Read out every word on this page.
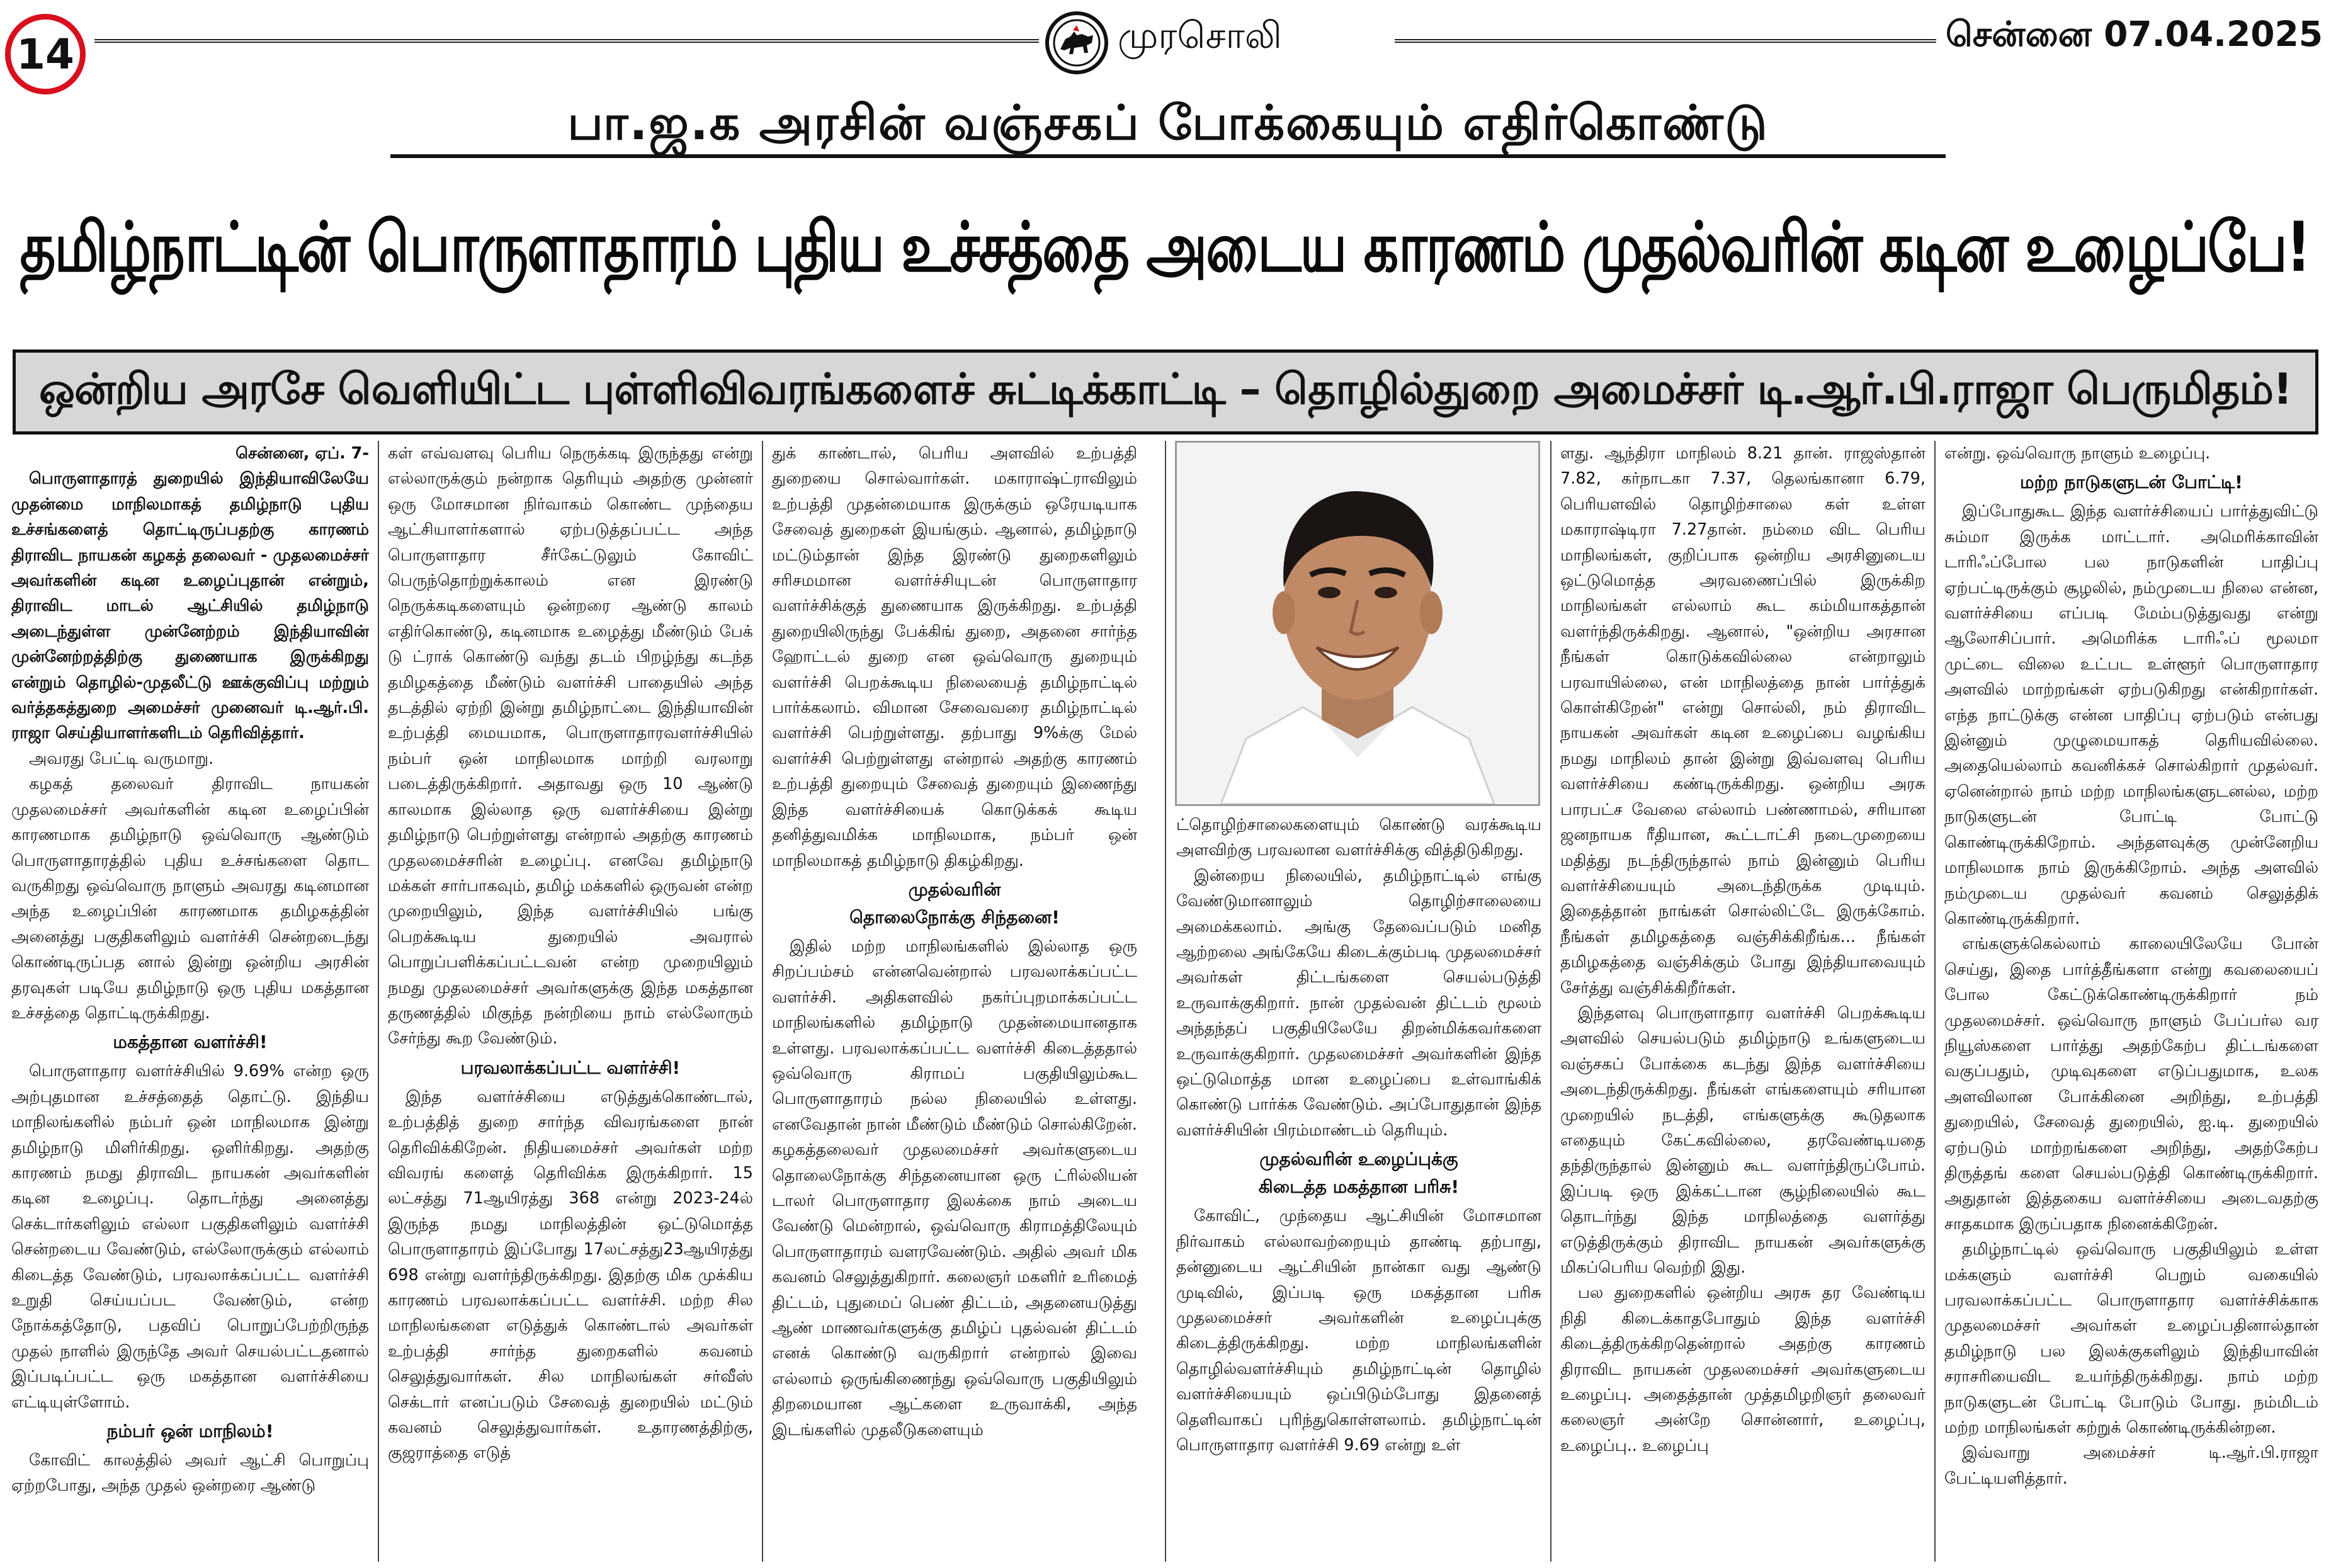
14	முரசொலி	சென்னை 07.04.2025
பா.ஜ.க அரசின் வஞ்சகப் போக்கையும் எதிர்கொண்டு
தமிழ்நாட்டின் பொருளாதாரம் புதிய உச்சத்தை அடைய காரணம் முதல்வரின் கடின உழைப்பே!
ஒன்றிய அரசே வெளியிட்ட புள்ளிவிவரங்களைச் சுட்டிக்காட்டி – தொழில்துறை அமைச்சர் டி.ஆர்.பி.ராஜா பெருமிதம்!

சென்னை, ஏப். 7-

பொருளாதாரத் துறையில் இந்தியாவிலேயே முதன்மை மாநிலமாகத் தமிழ்நாடு புதிய உச்சங்களைத் தொட்டிருப்பதற்கு காரணம் திராவிட நாயகன் கழகத் தலைவர் - முதலமைச்சர் அவர்களின் கடின உழைப்புதான் என்றும், திராவிட மாடல் ஆட்சியில் தமிழ்நாடு அடைந்துள்ள முன்னேற்றம் இந்தியாவின் முன்னேற்றத்திற்கு துணையாக இருக்கிறது என்றும் தொழில்-முதலீட்டு ஊக்குவிப்பு மற்றும் வர்த்தகத்துறை அமைச்சர் முனைவர் டி.ஆர்.பி. ராஜா செய்தியாளர்களிடம் தெரிவித்தார்.

அவரது பேட்டி வருமாறு.

கழகத் தலைவர் திராவிட நாயகன் முதலமைச்சர் அவர்களின் கடின உழைப்பின் காரணமாக தமிழ்நாடு ஒவ்வொரு ஆண்டும் பொருளாதாரத்தில் புதிய உச்சங்களை தொட வருகிறது ஒவ்வொரு நாளும் அவரது கடினமான அந்த உழைப்பின் காரணமாக தமிழகத்தின் அனைத்து பகுதிகளிலும் வளர்ச்சி சென்றடைந்து கொண்டிருப்பத னால் இன்று ஒன்றிய அரசின் தரவுகள் படியே தமிழ்நாடு ஒரு புதிய மகத்தான உச்சத்தை தொட்டிருக்கிறது.

மகத்தான வளர்ச்சி!

பொருளாதார வளர்ச்சியில் 9.69% என்ற ஒரு அற்புதமான உச்சத்தைத் தொட்டு. இந்திய மாநிலங்களில் நம்பர் ஒன் மாநிலமாக இன்று தமிழ்நாடு மிளிர்கிறது. ஒளிர்கிறது. அதற்கு காரணம் நமது திராவிட நாயகன் அவர்களின் கடின உழைப்பு. தொடர்ந்து அனைத்து செக்டார்களிலும் எல்லா பகுதிகளிலும் வளர்ச்சி சென்றடைய வேண்டும், எல்லோருக்கும் எல்லாம் கிடைத்த வேண்டும், பரவலாக்கப்பட்ட வளர்ச்சி உறுதி செய்யப்பட வேண்டும், என்ற நோக்கத்தோடு, பதவிப் பொறுப்பேற்றிருந்த முதல் நாளில் இருந்தே அவர் செயல்பட்டதனால் இப்படிப்பட்ட ஒரு மகத்தான வளர்ச்சியை எட்டியுள்ளோம்.

நம்பர் ஒன் மாநிலம்!

கோவிட் காலத்தில் அவர் ஆட்சி பொறுப்பு ஏற்றபோது, அந்த முதல் ஒன்றரை ஆண்டு

கள் எவ்வளவு பெரிய நெருக்கடி இருந்தது என்று எல்லாருக்கும் நன்றாக தெரியும் அதற்கு முன்னர் ஒரு மோசமான நிர்வாகம் கொண்ட முந்தைய ஆட்சியாளர்களால் ஏற்படுத்தப்பட்ட அந்த பொருளாதார சீர்கேட்டுலும் கோவிட் பெருந்தொற்றுக்காலம் என இரண்டு நெருக்கடிகளையும் ஒன்றரை ஆண்டு காலம் எதிர்கொண்டு, கடினமாக உழைத்து மீண்டும் பேக் டு ட்ராக் கொண்டு வந்து தடம் பிறழ்ந்து கடந்த தமிழகத்தை மீண்டும் வளர்ச்சி பாதையில் அந்த தடத்தில் ஏற்றி இன்று தமிழ்நாட்டை இந்தியாவின் உற்பத்தி மையமாக, பொருளாதாரவளர்ச்சியில் நம்பர் ஒன் மாநிலமாக மாற்றி வரலாறு படைத்திருக்கிறார். அதாவது ஒரு 10 ஆண்டு காலமாக இல்லாத ஒரு வளர்ச்சியை இன்று தமிழ்நாடு பெற்றுள்ளது என்றால் அதற்கு காரணம் முதலமைச்சரின் உழைப்பு. எனவே தமிழ்நாடு மக்கள் சார்பாகவும், தமிழ் மக்களில் ஒருவன் என்ற முறையிலும், இந்த வளர்ச்சியில் பங்கு பெறக்கூடிய துறையில் அவரால் பொறுப்பளிக்கப்பட்டவன் என்ற முறையிலும் நமது முதலமைச்சர் அவர்களுக்கு இந்த மகத்தான தருணத்தில் மிகுந்த நன்றியை நாம் எல்லோரும் சேர்ந்து கூற வேண்டும்.

பரவலாக்கப்பட்ட வளர்ச்சி!

இந்த வளர்ச்சியை எடுத்துக்கொண்டால், உற்பத்தித் துறை சார்ந்த விவரங்களை நான் தெரிவிக்கிறேன். நிதியமைச்சர் அவர்கள் மற்ற விவரங் களைத் தெரிவிக்க இருக்கிறார். 15 லட்சத்து 71ஆயிரத்து 368 என்று 2023-24ல் இருந்த நமது மாநிலத்தின் ஒட்டுமொத்த பொருளாதாரம் இப்போது 17லட்சத்து23ஆயிரத்து 698 என்று வளர்ந்திருக்கிறது. இதற்கு மிக முக்கிய காரணம் பரவலாக்கப்பட்ட வளர்ச்சி. மற்ற சில மாநிலங்களை எடுத்துக் கொண்டால் அவர்கள் உற்பத்தி சார்ந்த துறைகளில் கவனம் செலுத்துவார்கள். சில மாநிலங்கள் சர்வீஸ் செக்டார் எனப்படும் சேவைத் துறையில் மட்டும் கவனம் செலுத்துவார்கள். உதாரணத்திற்கு, குஜராத்தை எடுத்

துக் காண்டால், பெரிய அளவில் உற்பத்தி துறையை சொல்வார்கள். மகாராஷ்ட்ராவிலும் உற்பத்தி முதன்மையாக இருக்கும் ஒரேயடியாக சேவைத் துறைகள் இயங்கும். ஆனால், தமிழ்நாடு மட்டும்தான் இந்த இரண்டு துறைகளிலும் சரிசமமான வளர்ச்சியுடன் பொருளாதார வளர்ச்சிக்குத் துணையாக இருக்கிறது. உற்பத்தி துறையிலிருந்து பேக்கிங் துறை, அதனை சார்ந்த ஹோட்டல் துறை என ஒவ்வொரு துறையும் வளர்ச்சி பெறக்கூடிய நிலையைத் தமிழ்நாட்டில் பார்க்கலாம். விமான சேவைவரை தமிழ்நாட்டில் வளர்ச்சி பெற்றுள்ளது. தற்பாது 9%க்கு மேல் வளர்ச்சி பெற்றுள்ளது என்றால் அதற்கு காரணம் உற்பத்தி துறையும் சேவைத் துறையும் இணைந்து இந்த வளர்ச்சியைக் கொடுக்கக் கூடிய தனித்துவமிக்க மாநிலமாக, நம்பர் ஒன் மாநிலமாகத் தமிழ்நாடு திகழ்கிறது.

முதல்வரின்
தொலைநோக்கு சிந்தனை!

இதில் மற்ற மாநிலங்களில் இல்லாத ஒரு சிறப்பம்சம் என்னவென்றால் பரவலாக்கப்பட்ட வளர்ச்சி. அதிகளவில் நகர்ப்புறமாக்கப்பட்ட மாநிலங்களில் தமிழ்நாடு முதன்மையானதாக உள்ளது. பரவலாக்கப்பட்ட வளர்ச்சி கிடைத்ததால் ஒவ்வொரு கிராமப் பகுதியிலும்கூட பொருளாதாரம் நல்ல நிலையில் உள்ளது. எனவேதான் நான் மீண்டும் மீண்டும் சொல்கிறேன். கழகத்தலைவர் முதலமைச்சர் அவர்களுடைய தொலைநோக்கு சிந்தனையான ஒரு ட்ரில்லியன் டாலர் பொருளாதார இலக்கை நாம் அடைய வேண்டு மென்றால், ஒவ்வொரு கிராமத்திலேயும் பொருளாதாரம் வளரவேண்டும். அதில் அவர் மிக கவனம் செலுத்துகிறார். கலைஞர் மகளிர் உரிமைத் திட்டம், புதுமைப் பெண் திட்டம், அதனையடுத்து ஆண் மாணவர்களுக்கு தமிழ்ப் புதல்வன் திட்டம் எனக் கொண்டு வருகிறார் என்றால் இவை எல்லாம் ஒருங்கிணைந்து ஒவ்வொரு பகுதியிலும் திறமையான ஆட்களை உருவாக்கி, அந்த இடங்களில் முதலீடுகளையும்

ட்தொழிற்சாலைகளையும் கொண்டு வரக்கூடிய அளவிற்கு பரவலான வளர்ச்சிக்கு வித்திடுகிறது.

இன்றைய நிலையில், தமிழ்நாட்டில் எங்கு வேண்டுமானாலும் தொழிற்சாலையை அமைக்கலாம். அங்கு தேவைப்படும் மனித ஆற்றலை அங்கேயே கிடைக்கும்படி முதலமைச்சர் அவர்கள் திட்டங்களை செயல்படுத்தி உருவாக்குகிறார். நான் முதல்வன் திட்டம் மூலம் அந்தந்தப் பகுதியிலேயே திறன்மிக்கவர்களை உருவாக்குகிறார். முதலமைச்சர் அவர்களின் இந்த ஒட்டுமொத்த மான உழைப்பை உள்வாங்கிக் கொண்டு பார்க்க வேண்டும். அப்போதுதான் இந்த வளர்ச்சியின் பிரம்மாண்டம் தெரியும்.

முதல்வரின் உழைப்புக்கு
கிடைத்த மகத்தான பரிசு!

கோவிட், முந்தைய ஆட்சியின் மோசமான நிர்வாகம் எல்லாவற்றையும் தாண்டி தற்பாது, தன்னுடைய ஆட்சியின் நான்கா வது ஆண்டு முடிவில், இப்படி ஒரு மகத்தான பரிசு முதலமைச்சர் அவர்களின் உழைப்புக்கு கிடைத்திருக்கிறது. மற்ற மாநிலங்களின் தொழில்வளர்ச்சியும் தமிழ்நாட்டின் தொழில் வளர்ச்சியையும் ஒப்பிடும்போது இதனைத் தெளிவாகப் புரிந்துகொள்ளலாம். தமிழ்நாட்டின் பொருளாதார வளர்ச்சி 9.69 என்று உள்

ளது. ஆந்திரா மாநிலம் 8.21 தான். ராஜஸ்தான் 7.82, கர்நாடகா 7.37, தெலங்கானா 6.79, பெரியளவில் தொழிற்சாலை கள் உள்ள மகாராஷ்டிரா 7.27தான். நம்மை விட பெரிய மாநிலங்கள், குறிப்பாக ஒன்றிய அரசினுடைய ஒட்டுமொத்த அரவணைப்பில் இருக்கிற மாநிலங்கள் எல்லாம் கூட கம்மியாகத்தான் வளர்ந்திருக்கிறது. ஆனால், "ஒன்றிய அரசான நீங்கள் கொடுக்கவில்லை என்றாலும் பரவாயில்லை, என் மாநிலத்தை நான் பார்த்துக் கொள்கிறேன்" என்று சொல்லி, நம் திராவிட நாயகன் அவர்கள் கடின உழைப்பை வழங்கிய நமது மாநிலம் தான் இன்று இவ்வளவு பெரிய வளர்ச்சியை கண்டிருக்கிறது. ஒன்றிய அரசு பாரபட்ச வேலை எல்லாம் பண்ணாமல், சரியான ஜனநாயக ரீதியான, கூட்டாட்சி நடைமுறையை மதித்து நடந்திருந்தால் நாம் இன்னும் பெரிய வளர்ச்சியையும் அடைந்திருக்க முடியும். இதைத்தான் நாங்கள் சொல்லிட்டே இருக்கோம். நீங்கள் தமிழகத்தை வஞ்சிக்கிறீங்க... நீங்கள் தமிழகத்தை வஞ்சிக்கும் போது இந்தியாவையும் சேர்த்து வஞ்சிக்கிறீர்கள்.

இந்தளவு பொருளாதார வளர்ச்சி பெறக்கூடிய அளவில் செயல்படும் தமிழ்நாடு உங்களுடைய வஞ்சகப் போக்கை கடந்து இந்த வளர்ச்சியை அடைந்திருக்கிறது. நீங்கள் எங்களையும் சரியான முறையில் நடத்தி, எங்களுக்கு கூடுதலாக எதையும் கேட்கவில்லை, தரவேண்டியதை தந்திருந்தால் இன்னும் கூட வளர்ந்திருப்போம். இப்படி ஒரு இக்கட்டான சூழ்நிலையில் கூட தொடர்ந்து இந்த மாநிலத்தை வளர்த்து எடுத்திருக்கும் திராவிட நாயகன் அவர்களுக்கு மிகப்பெரிய வெற்றி இது.

பல துறைகளில் ஒன்றிய அரசு தர வேண்டிய நிதி கிடைக்காதபோதும் இந்த வளர்ச்சி கிடைத்திருக்கிறதென்றால் அதற்கு காரணம் திராவிட நாயகன் முதலமைச்சர் அவர்களுடைய உழைப்பு. அதைத்தான் முத்தமிழறிஞர் தலைவர் கலைஞர் அன்றே சொன்னார், உழைப்பு, உழைப்பு.. உழைப்பு

என்று. ஒவ்வொரு நாளும் உழைப்பு.

மற்ற நாடுகளுடன் போட்டி!

இப்போதுகூட இந்த வளர்ச்சியைப் பார்த்துவிட்டு சும்மா இருக்க மாட்டார். அமெரிக்காவின் டாரிஃப்போல பல நாடுகளின் பாதிப்பு ஏற்பட்டிருக்கும் சூழலில், நம்முடைய நிலை என்ன, வளர்ச்சியை எப்படி மேம்படுத்துவது என்று ஆலோசிப்பார். அமெரிக்க டாரிஃப் மூலமா முட்டை விலை உட்பட உள்ளூர் பொருளாதார அளவில் மாற்றங்கள் ஏற்படுகிறது என்கிறார்கள். எந்த நாட்டுக்கு என்ன பாதிப்பு ஏற்படும் என்பது இன்னும் முழுமையாகத் தெரியவில்லை. அதையெல்லாம் கவனிக்கச் சொல்கிறார் முதல்வர். ஏனென்றால் நாம் மற்ற மாநிலங்களுடனல்ல, மற்ற நாடுகளுடன் போட்டி போட்டு கொண்டிருக்கிறோம். அந்தளவுக்கு முன்னேறிய மாநிலமாக நாம் இருக்கிறோம். அந்த அளவில் நம்முடைய முதல்வர் கவனம் செலுத்திக் கொண்டிருக்கிறார்.

எங்களுக்கெல்லாம் காலையிலேயே போன் செய்து, இதை பார்த்தீங்களா என்று கவலையைப் போல கேட்டுக்கொண்டிருக்கிறார் நம் முதலமைச்சர். ஒவ்வொரு நாளும் பேப்பர்ல வர நியூஸ்களை பார்த்து அதற்கேற்ப திட்டங்களை வகுப்பதும், முடிவுகளை எடுப்பதுமாக, உலக அளவிலான போக்கினை அறிந்து, உற்பத்தி துறையில், சேவைத் துறையில், ஐ.டி. துறையில் ஏற்படும் மாற்றங்களை அறிந்து, அதற்கேற்ப திருத்தங் களை செயல்படுத்தி கொண்டிருக்கிறார். அதுதான் இத்தகைய வளர்ச்சியை அடைவதற்கு சாதகமாக இருப்பதாக நினைக்கிறேன்.

தமிழ்நாட்டில் ஒவ்வொரு பகுதியிலும் உள்ள மக்களும் வளர்ச்சி பெறும் வகையில் பரவலாக்கப்பட்ட பொருளாதார வளர்ச்சிக்காக முதலமைச்சர் அவர்கள் உழைப்பதினால்தான் தமிழ்நாடு பல இலக்குகளிலும் இந்தியாவின் சராசரியைவிட உயர்ந்திருக்கிறது. நாம் மற்ற நாடுகளுடன் போட்டி போடும் போது. நம்மிடம் மற்ற மாநிலங்கள் கற்றுக் கொண்டிருக்கின்றன.

இவ்வாறு அமைச்சர் டி.ஆர்.பி.ராஜா பேட்டியளித்தார்.
